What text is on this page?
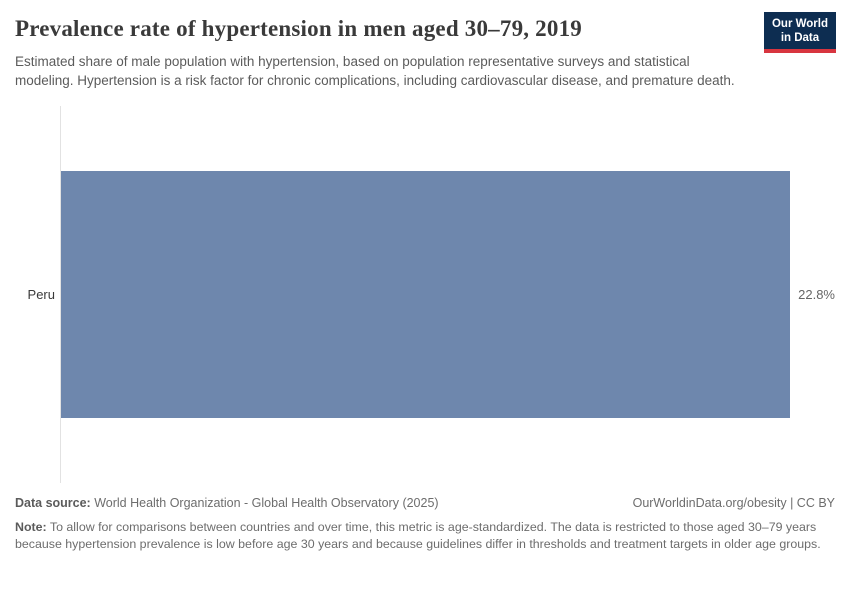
Prevalence rate of hypertension in men aged 30–79, 2019	Our World
in Data

Estimated share of male population with hypertension, based on population representative surveys and statistical modeling. Hypertension is a risk factor for chronic complications, including cardiovascular disease, and premature death.

Peru	22.8%
Data source: World Health Organization - Global Health Observatory (2025)	OurWorldinData.org/obesity | CC BY
Note: To allow for comparisons between countries and over time, this metric is age-standardized. The data is restricted to those aged 30–79 years because hypertension prevalence is low before age 30 years and because guidelines differ in thresholds and treatment targets in older age groups.
